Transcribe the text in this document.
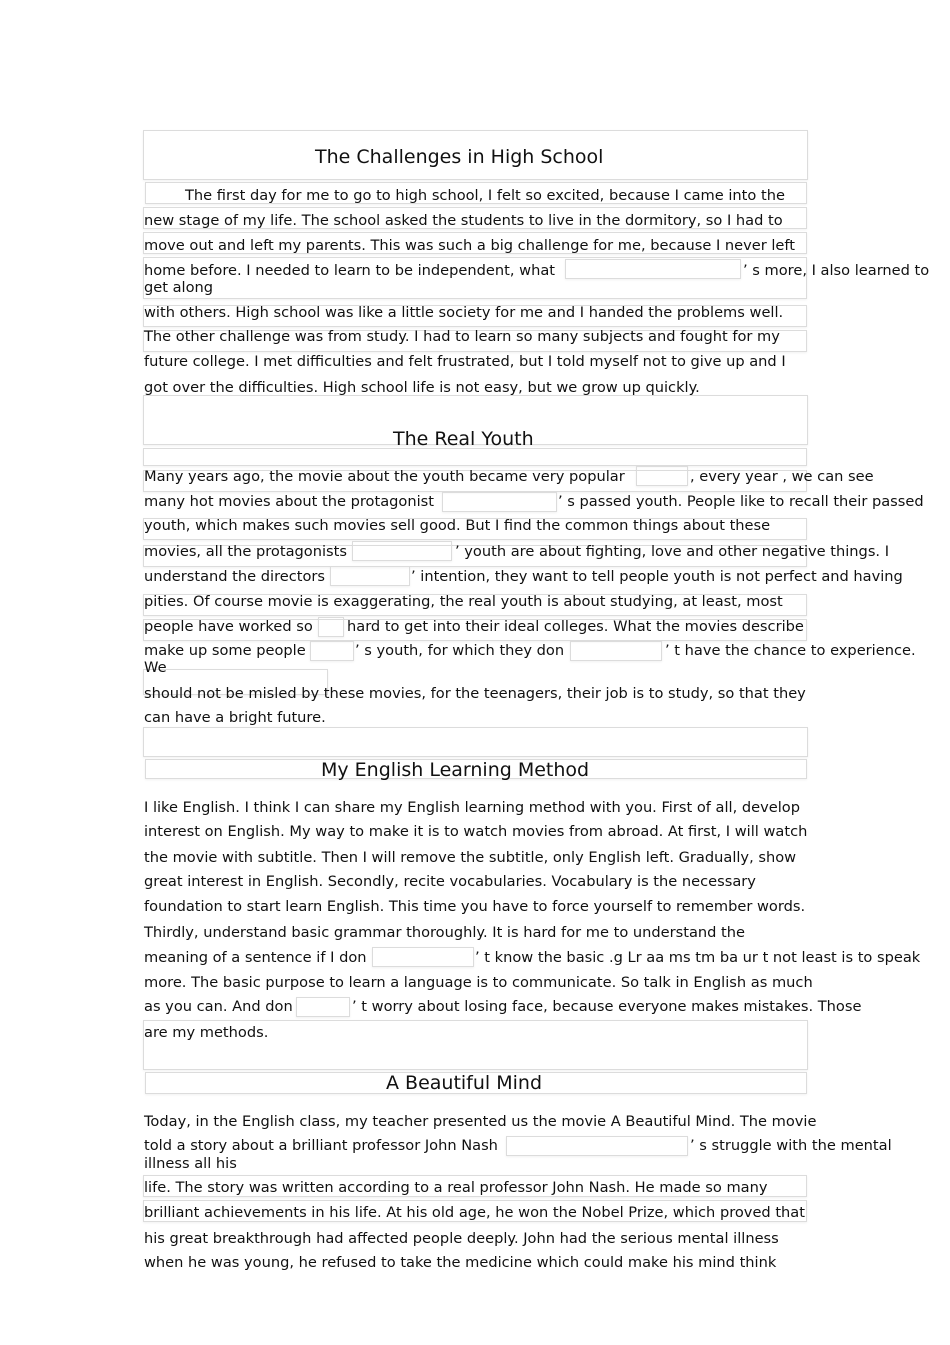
The Challenges in High School
The first day for me to go to high school, I felt so excited, because I came into the
new stage of my life. The school asked the students to live in the dormitory, so I had to
move out and left my parents. This was such a big challenge for me, because I never left
home before. I needed to learn to be independent, what	’ s more, I also learned to
get along
with others. High school was like a little society for me and I handed the problems well.
The other challenge was from study. I had to learn so many subjects and fought for my
future college. I met difficulties and felt frustrated, but I told myself not to give up and I
got over the difficulties. High school life is not easy, but we grow up quickly.
The Real Youth
Many years ago, the movie about the youth became very popular	, every year , we can see
many hot movies about the protagonist	’ s passed youth. People like to recall their passed
youth, which makes such movies sell good. But I find the common things about these
movies, all the protagonists	’ youth are about fighting, love and other negative things. I
understand the directors	’ intention, they want to tell people youth is not perfect and having
pities. Of course movie is exaggerating, the real youth is about studying, at least, most
people have worked so hard to get into their ideal colleges. What the movies describe
make up some people	’ s youth, for which they don	’ t have the chance to experience.
We
should not be misled by these movies, for the teenagers, their job is to study, so that they
can have a bright future.
My English Learning Method
I like English. I think I can share my English learning method with you. First of all, develop
interest on English. My way to make it is to watch movies from abroad. At first, I will watch
the movie with subtitle. Then I will remove the subtitle, only English left. Gradually, show
great interest in English. Secondly, recite vocabularies. Vocabulary is the necessary
foundation to start learn English. This time you have to force yourself to remember words.
Thirdly, understand basic grammar thoroughly. It is hard for me to understand the
meaning of a sentence if I don	’ t know the basic .g Lr aa ms tm ba ur t not least is to speak
more. The basic purpose to learn a language is to communicate. So talk in English as much
as you can. And don	’ t worry about losing face, because everyone makes mistakes. Those
are my methods.
A Beautiful Mind
Today, in the English class, my teacher presented us the movie A Beautiful Mind. The movie
told a story about a brilliant professor John Nash	’ s struggle with the mental
illness all his
life. The story was written according to a real professor John Nash. He made so many
brilliant achievements in his life. At his old age, he won the Nobel Prize, which proved that
his great breakthrough had affected people deeply. John had the serious mental illness
when he was young, he refused to take the medicine which could make his mind think
